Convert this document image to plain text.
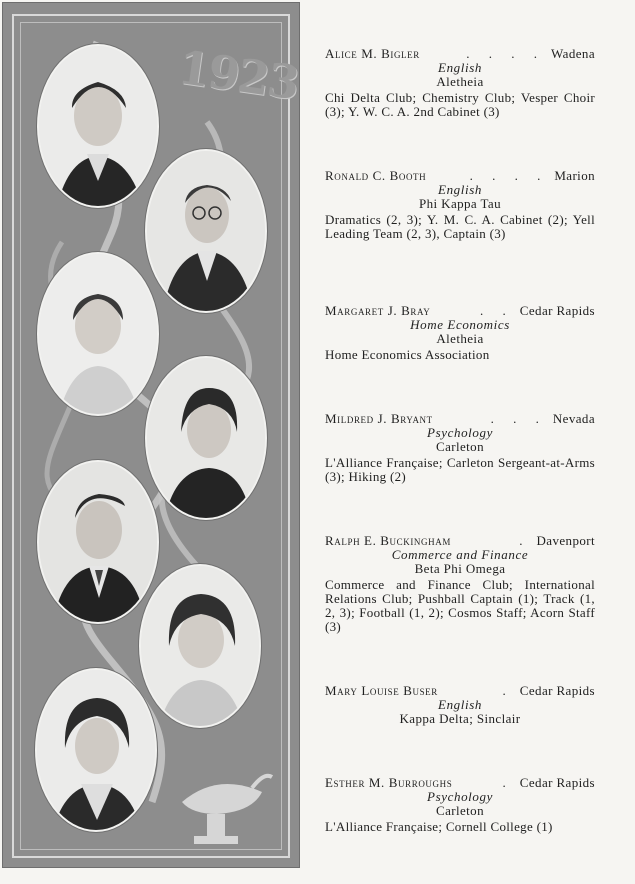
1923 Alice M. Bigler	. . . . Wadena
English
Aletheia
Chi Delta Club; Chemistry Club; Vesper Choir (3); Y. W. C. A. 2nd Cabinet (3)
Ronald C. Booth	. . . . Marion
English
Phi Kappa Tau
Dramatics (2, 3); Y. M. C. A. Cabinet (2); Yell Leading Team (2, 3), Captain (3)
Margaret J. Bray	. . Cedar Rapids
Home Economics
Aletheia
Home Economics Association
Mildred J. Bryant	. . . Nevada
Psychology
Carleton
L'Alliance Française; Carleton Sergeant-at-Arms (3); Hiking (2)
Ralph E. Buckingham	. Davenport
Commerce and Finance
Beta Phi Omega
Commerce and Finance Club; International Relations Club; Pushball Captain (1); Track (1, 2, 3); Football (1, 2); Cosmos Staff; Acorn Staff (3)
Mary Louise Buser	. Cedar Rapids
English
Kappa Delta; Sinclair
Esther M. Burroughs	. Cedar Rapids
Psychology
Carleton
L'Alliance Française; Cornell College (1)
